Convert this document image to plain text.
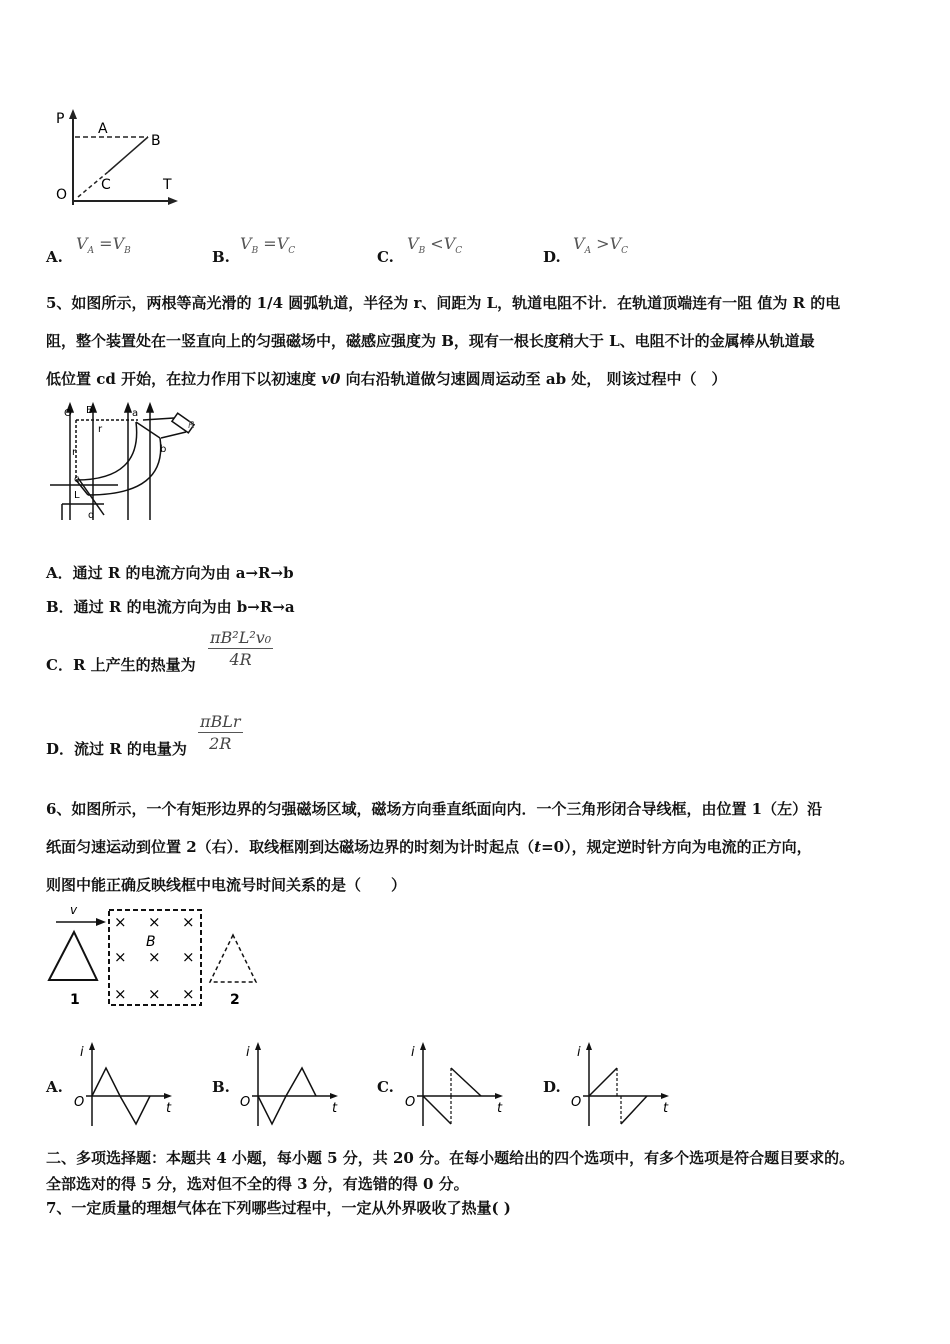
P
T
O
A
B
C
A.
$V_A =V_B$	B.
$V_B =V_C$	C.
$V_B <V_C$	D.
$V_A >V_C$
5、如图所示，两根等高光滑的 1/4 圆弧轨道，半径为 r、间距为 L，轨道电阻不计．在轨道顶端连有一阻 值为 R 的电
阻，整个装置处在一竖直向上的匀强磁场中，磁感应强度为 B，现有一根长度稍大于 L、电阻不计的金属棒从轨道最
低位置 cd 开始，在拉力作用下以初速度 v0 向右沿轨道做匀速圆周运动至 ab 处， 则该过程中（　）
O B
r
a
b
r
c
L
d
R
A．通过 R 的电流方向为由 a→R→b
B．通过 R 的电流方向为由 b→R→a
C．R 上产生的热量为
πB²L²v₀
4R
D．流过 R 的电量为
πBLr
2R
6、如图所示，一个有矩形边界的匀强磁场区域，磁场方向垂直纸面向内．一个三角形闭合导线框，由位置 1（左）沿
纸面匀速运动到位置 2（右）．取线框刚到达磁场边界的时刻为计时起点（t=0），规定逆时针方向为电流的正方向，
则图中能正确反映线框中电流号时间关系的是（　　）
v
1
B
× × ×
× × ×
× × ×	2
A.
i
O	t
B.
i
O	t
C.
i
O	t
D.
i
O	t
二、多项选择题：本题共 4 小题，每小题 5 分，共 20 分。在每小题给出的四个选项中，有多个选项是符合题目要求的。
全部选对的得 5 分，选对但不全的得 3 分，有选错的得 0 分。
7、一定质量的理想气体在下列哪些过程中，一定从外界吸收了热量( )
